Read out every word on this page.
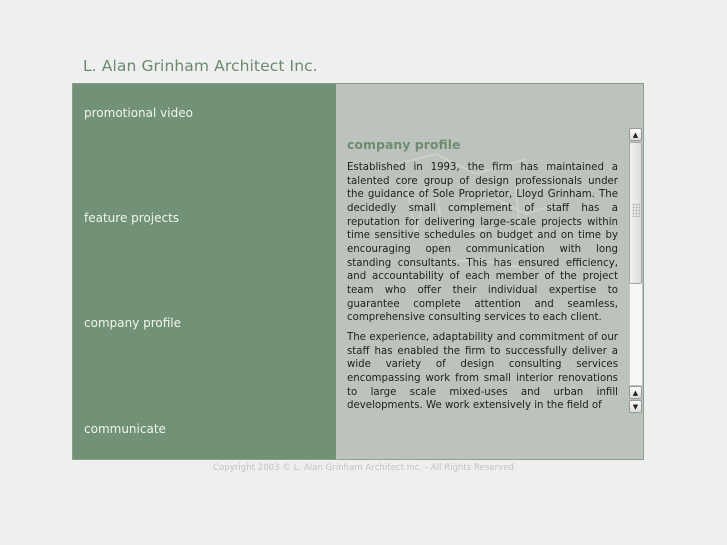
L. Alan Grinham Architect Inc.
promotional video
feature projects
company profile
communicate
company profile

Established in 1993, the firm has maintained a talented core group of design professionals under the guidance of Sole Proprietor, Lloyd Grinham. The decidedly small complement of staff has a reputation for delivering large-scale projects within time sensitive schedules on budget and on time by encouraging open communication with long standing consultants. This has ensured efficiency, and accountability of each member of the project team who offer their individual expertise to guarantee complete attention and seamless, comprehensive consulting services to each client.

The experience, adaptability and commitment of our staff has enabled the firm to successfully deliver a wide variety of design consulting services encompassing work from small interior renovations to large scale mixed-uses and urban infill developments. We work extensively in the field of

▲
▲
▼
Copyright 2003 © L. Alan Grinham Architect Inc. - All Rights Reserved
